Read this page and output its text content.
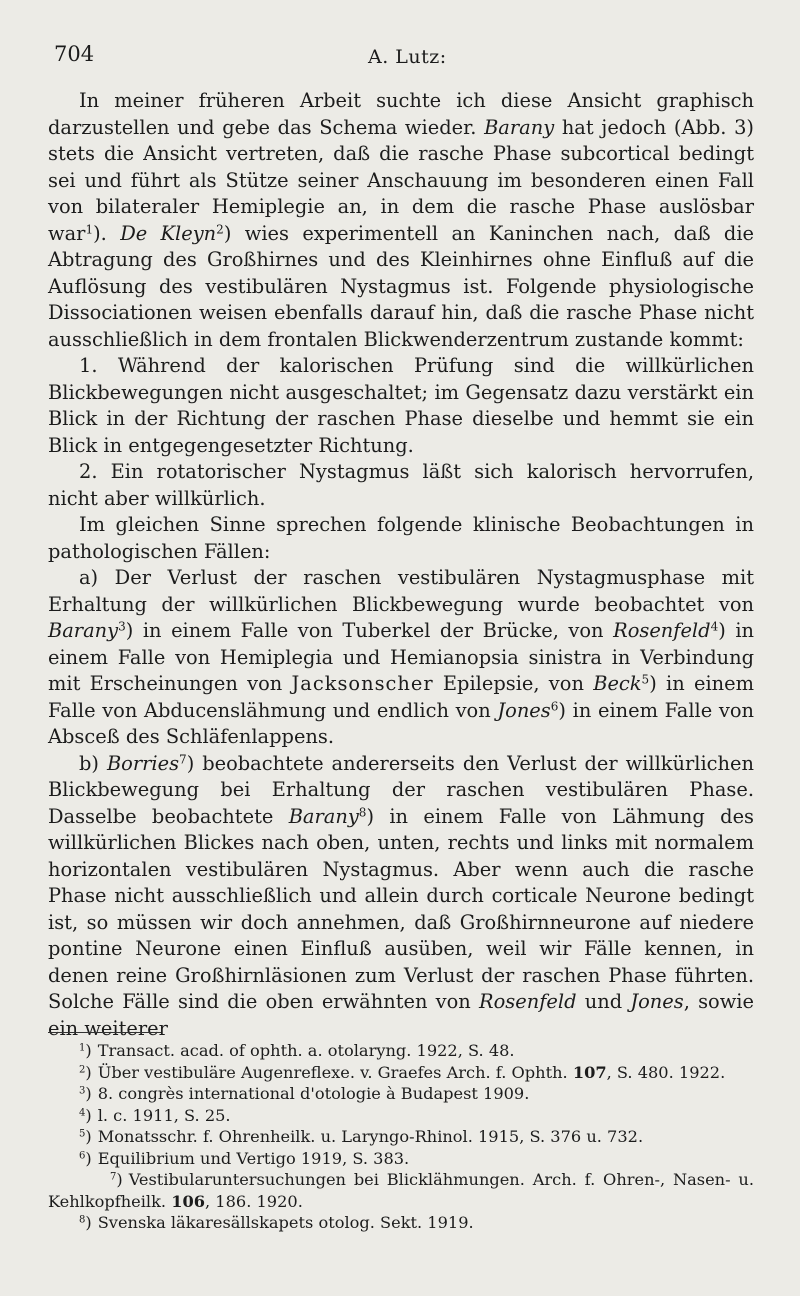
704	A. Lutz:

In meiner früheren Arbeit suchte ich diese Ansicht graphisch darzustellen und gebe das Schema wieder. Barany hat jedoch (Abb. 3) stets die Ansicht vertreten, daß die rasche Phase subcortical bedingt sei und führt als Stütze seiner Anschauung im besonderen einen Fall von bilateraler Hemiplegie an, in dem die rasche Phase auslösbar war$^1$). De Kleyn$^2$) wies experimentell an Kaninchen nach, daß die Abtragung des Großhirnes und des Kleinhirnes ohne Einfluß auf die Auflösung des vestibulären Nystagmus ist. Folgende physiologische Dissociationen weisen ebenfalls darauf hin, daß die rasche Phase nicht ausschließlich in dem frontalen Blickwenderzentrum zustande kommt:

1. Während der kalorischen Prüfung sind die willkürlichen Blickbewegungen nicht ausgeschaltet; im Gegensatz dazu verstärkt ein Blick in der Richtung der raschen Phase dieselbe und hemmt sie ein Blick in entgegengesetzter Richtung.

2. Ein rotatorischer Nystagmus läßt sich kalorisch hervorrufen, nicht aber willkürlich.

Im gleichen Sinne sprechen folgende klinische Beobachtungen in pathologischen Fällen:

a) Der Verlust der raschen vestibulären Nystagmusphase mit Erhaltung der willkürlichen Blickbewegung wurde beobachtet von Barany$^3$) in einem Falle von Tuberkel der Brücke, von Rosenfeld$^4$) in einem Falle von Hemiplegia und Hemianopsia sinistra in Verbindung mit Erscheinungen von Jacksonscher Epilepsie, von Beck$^5$) in einem Falle von Abducenslähmung und endlich von Jones$^6$) in einem Falle von Absceß des Schläfenlappens.

b) Borries$^7$) beobachtete andererseits den Verlust der willkürlichen Blickbewegung bei Erhaltung der raschen vestibulären Phase. Dasselbe beobachtete Barany$^8$) in einem Falle von Lähmung des willkürlichen Blickes nach oben, unten, rechts und links mit normalem horizontalen vestibulären Nystagmus. Aber wenn auch die rasche Phase nicht ausschließlich und allein durch corticale Neurone bedingt ist, so müssen wir doch annehmen, daß Großhirnneurone auf niedere pontine Neurone einen Einfluß ausüben, weil wir Fälle kennen, in denen reine Großhirnläsionen zum Verlust der raschen Phase führten. Solche Fälle sind die oben erwähnten von Rosenfeld und Jones, sowie ein weiterer

$^1$) Transact. acad. of ophth. a. otolaryng. 1922, S. 48.

$^2$) Über vestibuläre Augenreflexe. v. Graefes Arch. f. Ophth. 107, S. 480. 1922.

$^3$) 8. congrès international d'otologie à Budapest 1909.

$^4$) l. c. 1911, S. 25.

$^5$) Monatsschr. f. Ohrenheilk. u. Laryngo-Rhinol. 1915, S. 376 u. 732.

$^6$) Equilibrium und Vertigo 1919, S. 383.

$^7$) Vestibularuntersuchungen bei Blicklähmungen. Arch. f. Ohren-, Nasen- u. Kehlkopfheilk. 106, 186. 1920.

$^8$) Svenska läkaresällskapets otolog. Sekt. 1919.
